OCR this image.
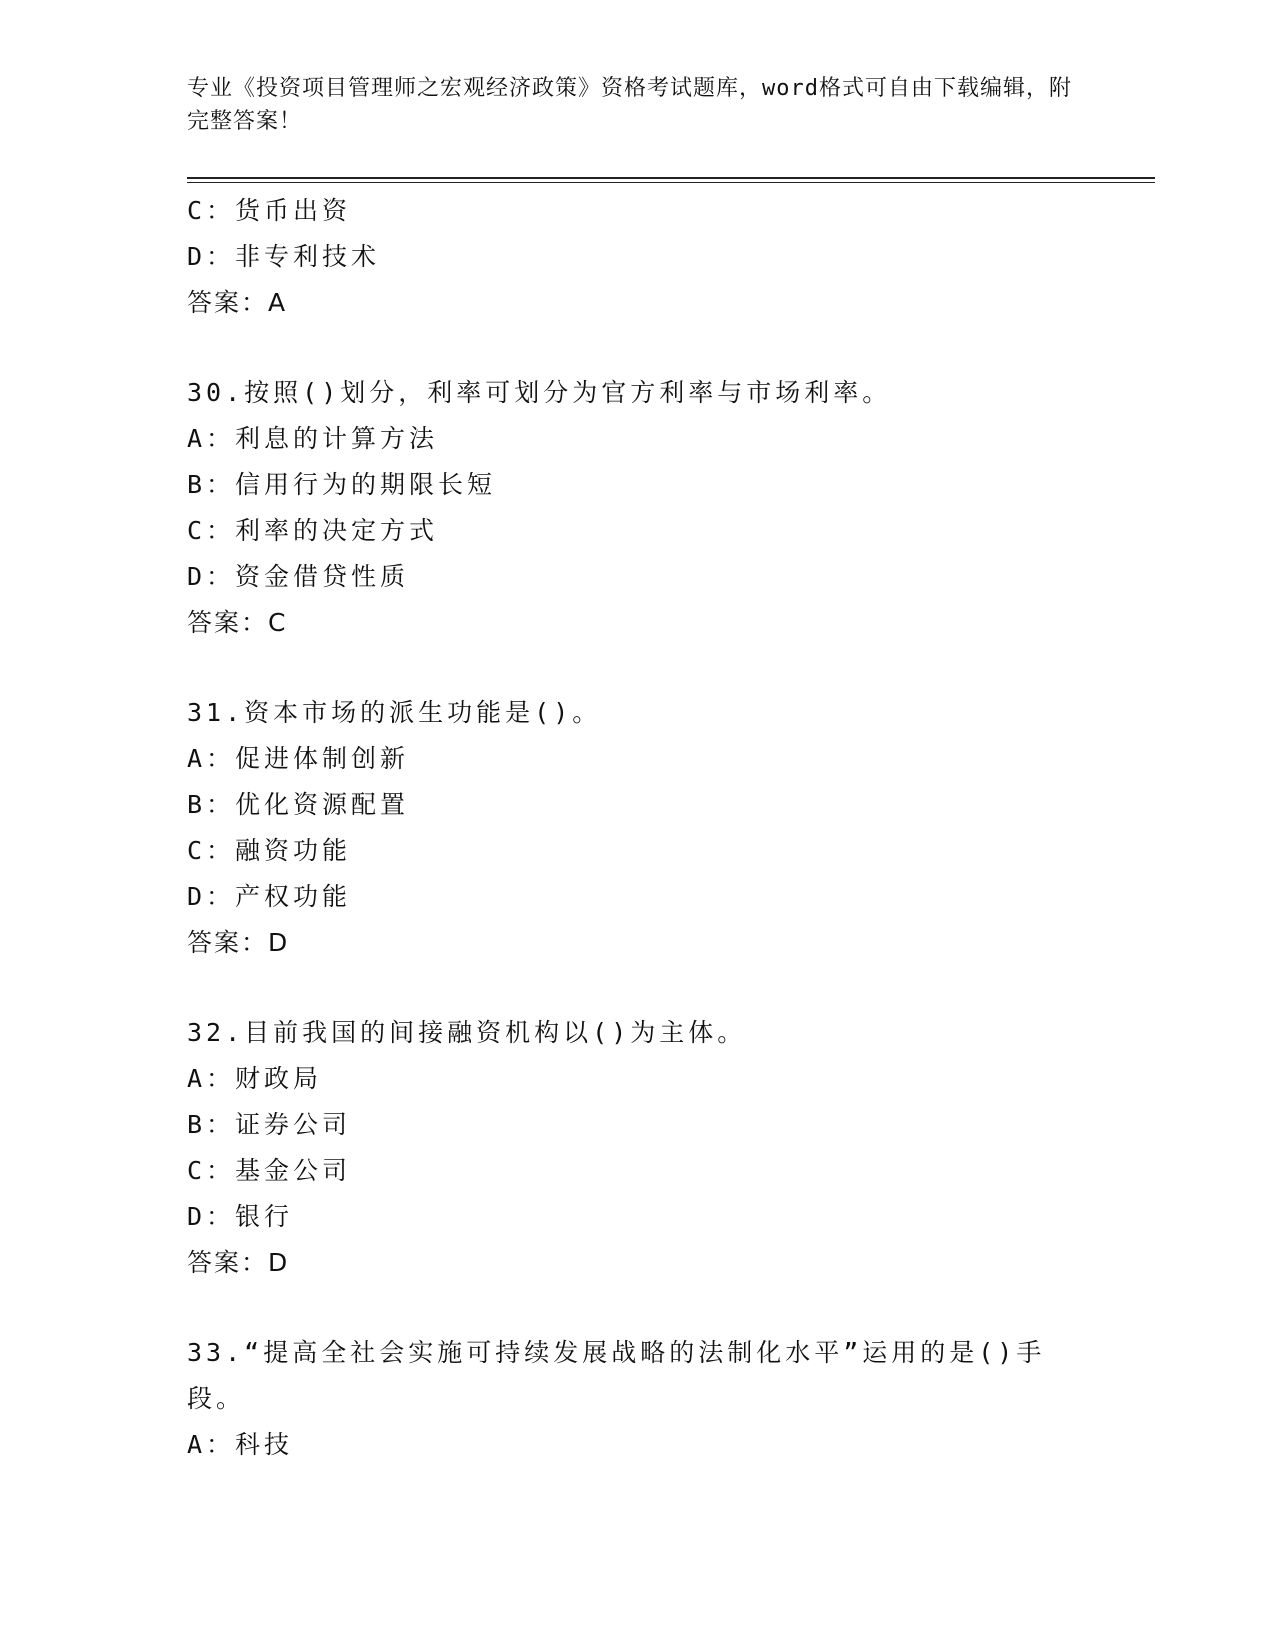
专业《投资项目管理师之宏观经济政策》资格考试题库，word格式可自由下载编辑，附完整答案！
C：货币出资
D：非专利技术
答案：A
30.按照()划分，利率可划分为官方利率与市场利率。
A：利息的计算方法
B：信用行为的期限长短
C：利率的决定方式
D：资金借贷性质
答案：C
31.资本市场的派生功能是()。
A：促进体制创新
B：优化资源配置
C：融资功能
D：产权功能
答案：D
32.目前我国的间接融资机构以()为主体。
A：财政局
B：证券公司
C：基金公司
D：银行
答案：D
33.“提高全社会实施可持续发展战略的法制化水平”运用的是()手段。
A：科技
